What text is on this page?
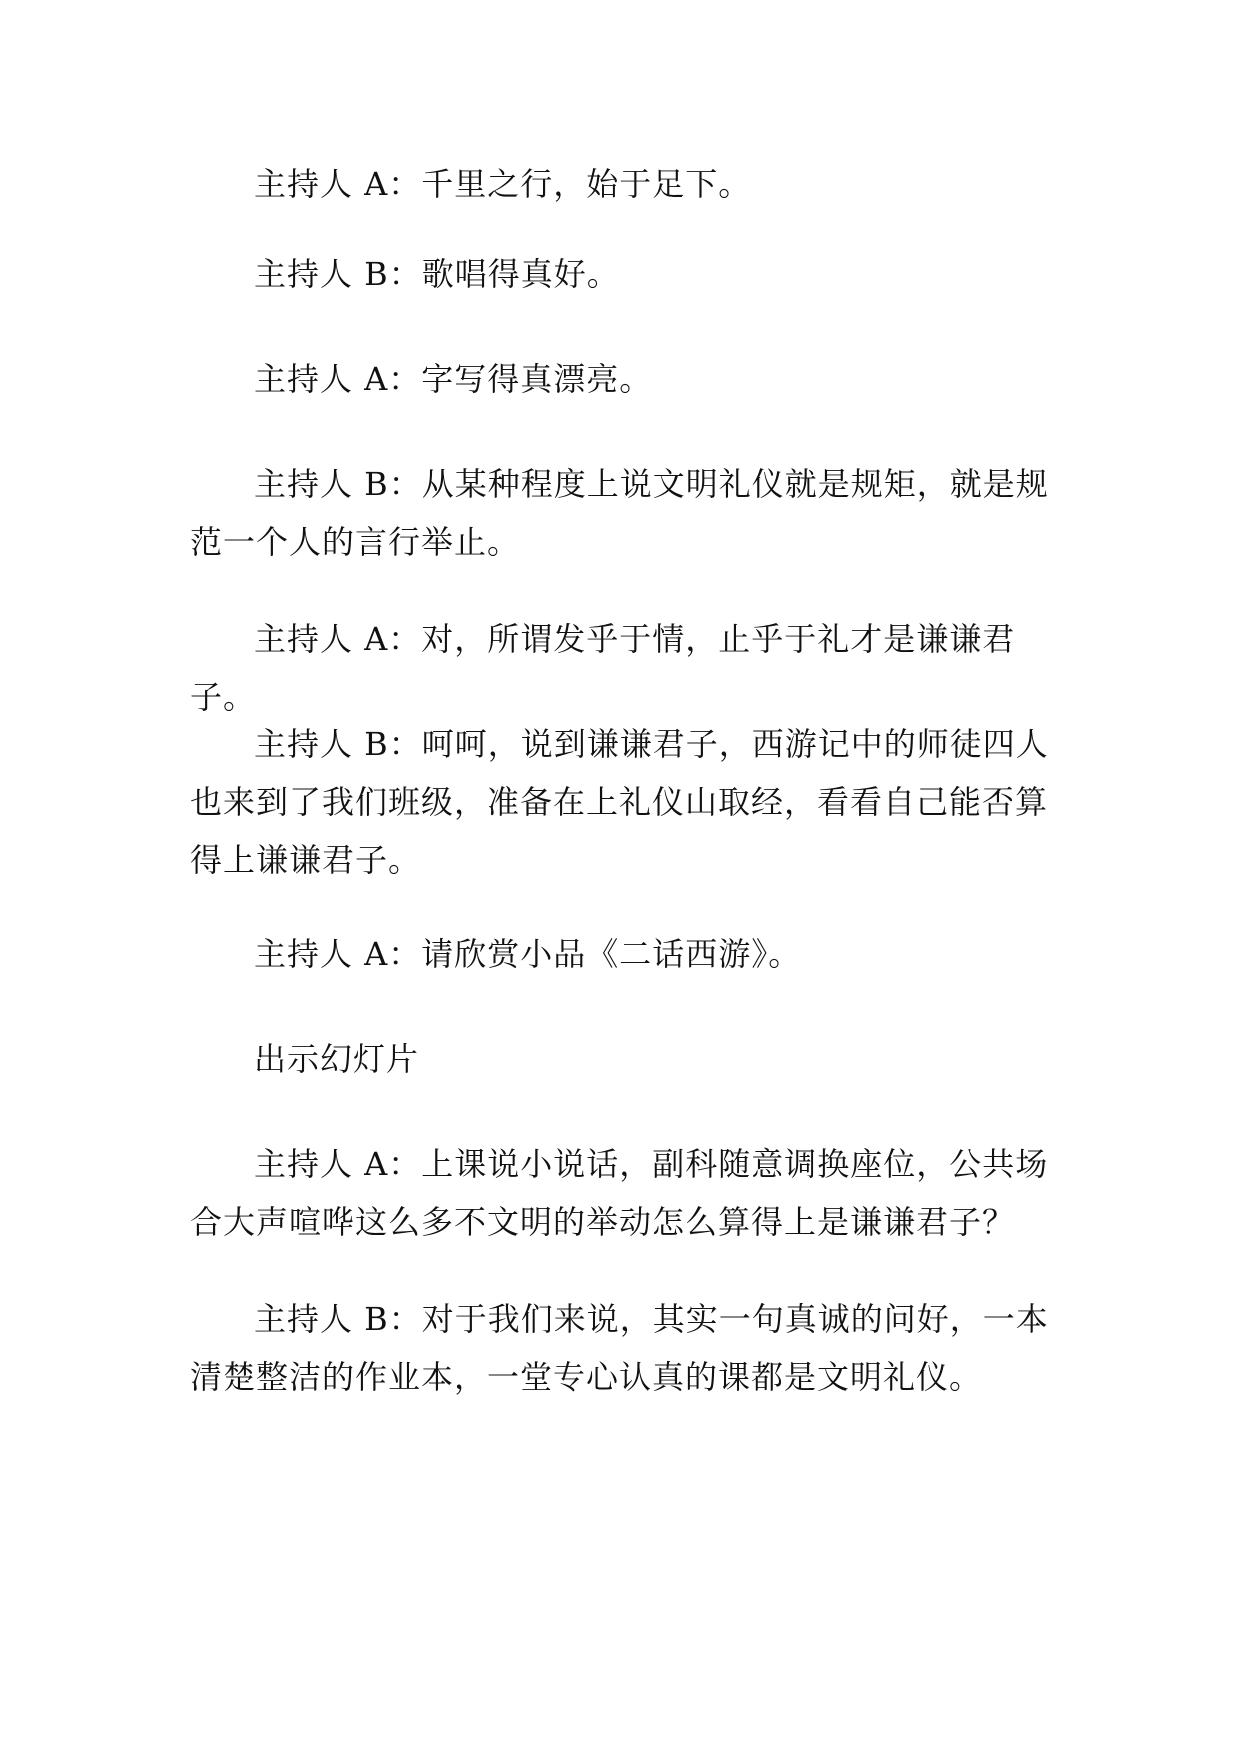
主持人 A：千里之行，始于足下。

主持人 B：歌唱得真好。

主持人 A：字写得真漂亮。

主持人 B：从某种程度上说文明礼仪就是规矩，就是规范一个人的言行举止。

主持人 A：对，所谓发乎于情，止乎于礼才是谦谦君子。

主持人 B：呵呵，说到谦谦君子，西游记中的师徒四人也来到了我们班级，准备在上礼仪山取经，看看自己能否算得上谦谦君子。

主持人 A：请欣赏小品《二话西游》。

出示幻灯片

主持人 A：上课说小说话，副科随意调换座位，公共场合大声喧哗这么多不文明的举动怎么算得上是谦谦君子？

主持人 B：对于我们来说，其实一句真诚的问好，一本清楚整洁的作业本，一堂专心认真的课都是文明礼仪。
